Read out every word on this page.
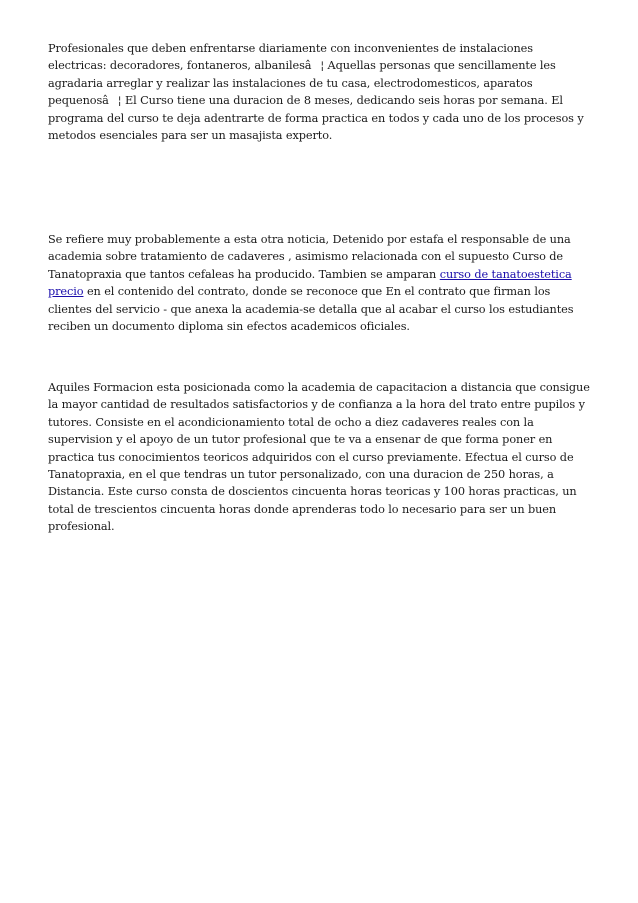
Profesionales que deben enfrentarse diariamente con inconvenientes de instalaciones electricas: decoradores, fontaneros, albanilesâ¦ Aquellas personas que sencillamente les agradaria arreglar y realizar las instalaciones de tu casa, electrodomesticos, aparatos pequenosâ¦ El Curso tiene una duracion de 8 meses, dedicando seis horas por semana. El programa del curso te deja adentrarte de forma practica en todos y cada uno de los procesos y metodos esenciales para ser un masajista experto.

Se refiere muy probablemente a esta otra noticia, Detenido por estafa el responsable de una academia sobre tratamiento de cadaveres , asimismo relacionada con el supuesto Curso de Tanatopraxia que tantos cefaleas ha producido. Tambien se amparan curso de tanatoestetica precio en el contenido del contrato, donde se reconoce que En el contrato que firman los clientes del servicio - que anexa la academia-se detalla que al acabar el curso los estudiantes reciben un documento diploma sin efectos academicos oficiales.

Aquiles Formacion esta posicionada como la academia de capacitacion a distancia que consigue la mayor cantidad de resultados satisfactorios y de confianza a la hora del trato entre pupilos y tutores. Consiste en el acondicionamiento total de ocho a diez cadaveres reales con la supervision y el apoyo de un tutor profesional que te va a ensenar de que forma poner en practica tus conocimientos teoricos adquiridos con el curso previamente. Efectua el curso de Tanatopraxia, en el que tendras un tutor personalizado, con una duracion de 250 horas, a Distancia. Este curso consta de doscientos cincuenta horas teoricas y 100 horas practicas, un total de trescientos cincuenta horas donde aprenderas todo lo necesario para ser un buen profesional.
